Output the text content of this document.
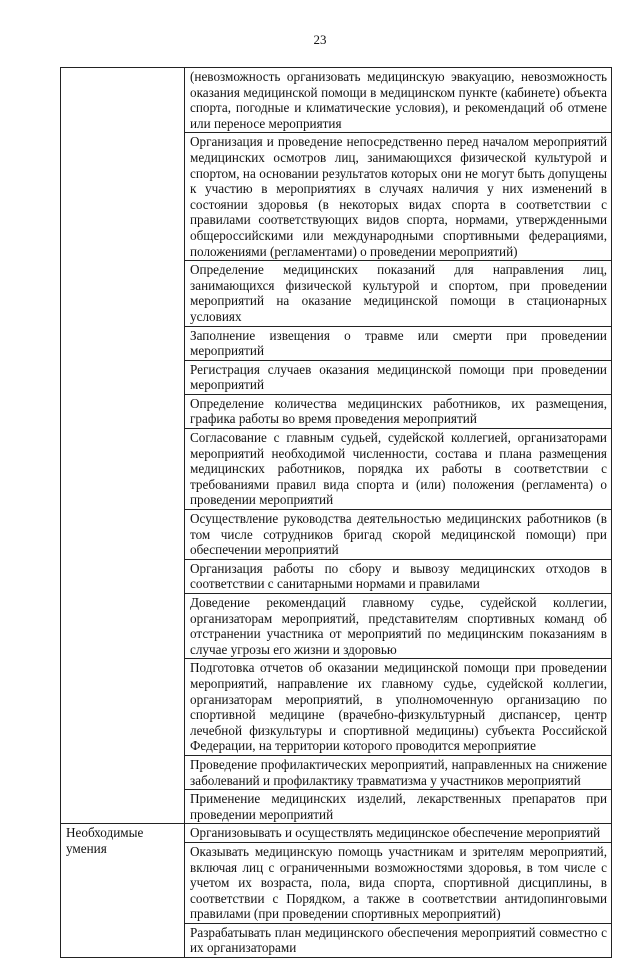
23
	(невозможность организовать медицинскую эвакуацию, невозможность оказания медицинской помощи в медицинском пункте (кабинете) объекта спорта, погодные и климатические условия), и рекомендаций об отмене или переносе мероприятия
	Организация и проведение непосредственно перед началом мероприятий медицинских осмотров лиц, занимающихся физической культурой и спортом, на основании результатов которых они не могут быть допущены к участию в мероприятиях в случаях наличия у них изменений в состоянии здоровья (в некоторых видах спорта в соответствии с правилами соответствующих видов спорта, нормами, утвержденными общероссийскими или международными спортивными федерациями, положениями (регламентами) о проведении мероприятий)
	Определение медицинских показаний для направления лиц, занимающихся физической культурой и спортом, при проведении мероприятий на оказание медицинской помощи в стационарных условиях
	Заполнение извещения о травме или смерти при проведении мероприятий
	Регистрация случаев оказания медицинской помощи при проведении мероприятий
	Определение количества медицинских работников, их размещения, графика работы во время проведения мероприятий
	Согласование с главным судьей, судейской коллегией, организаторами мероприятий необходимой численности, состава и плана размещения медицинских работников, порядка их работы в соответствии с требованиями правил вида спорта и (или) положения (регламента) о проведении мероприятий
	Осуществление руководства деятельностью медицинских работников (в том числе сотрудников бригад скорой медицинской помощи) при обеспечении мероприятий
	Организация работы по сбору и вывозу медицинских отходов в соответствии с санитарными нормами и правилами
	Доведение рекомендаций главному судье, судейской коллегии, организаторам мероприятий, представителям спортивных команд об отстранении участника от мероприятий по медицинским показаниям в случае угрозы его жизни и здоровью
	Подготовка отчетов об оказании медицинской помощи при проведении мероприятий, направление их главному судье, судейской коллегии, организаторам мероприятий, в уполномоченную организацию по спортивной медицине (врачебно-физкультурный диспансер, центр лечебной физкультуры и спортивной медицины) субъекта Российской Федерации, на территории которого проводится мероприятие
	Проведение профилактических мероприятий, направленных на снижение заболеваний и профилактику травматизма у участников мероприятий
	Применение медицинских изделий, лекарственных препаратов при проведении мероприятий
Необходимые умения	Организовывать и осуществлять медицинское обеспечение мероприятий
	Оказывать медицинскую помощь участникам и зрителям мероприятий, включая лиц с ограниченными возможностями здоровья, в том числе с учетом их возраста, пола, вида спорта, спортивной дисциплины, в соответствии с Порядком, а также в соответствии антидопинговыми правилами (при проведении спортивных мероприятий)
	Разрабатывать план медицинского обеспечения мероприятий совместно с их организаторами
